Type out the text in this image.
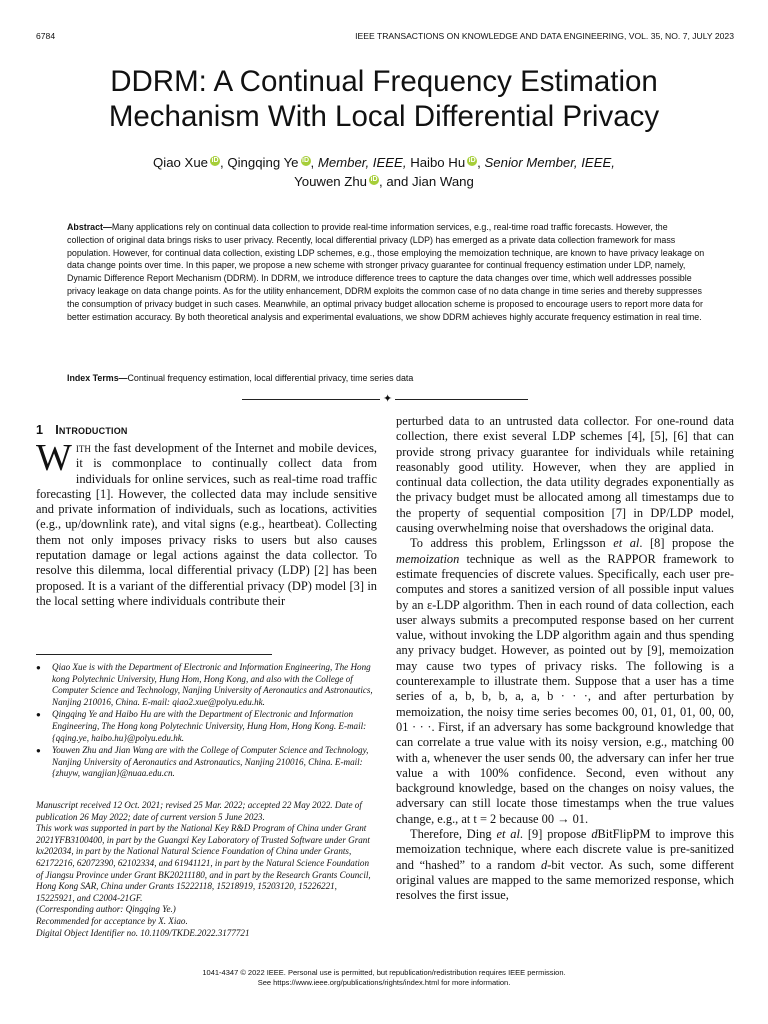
6784	IEEE TRANSACTIONS ON KNOWLEDGE AND DATA ENGINEERING, VOL. 35, NO. 7, JULY 2023
DDRM: A Continual Frequency Estimation
Mechanism With Local Differential Privacy
Qiao Xue iD , Qingqing Ye iD , Member, IEEE, Haibo Hu iD , Senior Member, IEEE,
Youwen Zhu iD , and Jian Wang
Abstract—Many applications rely on continual data collection to provide real-time information services, e.g., real-time road traffic forecasts. However, the collection of original data brings risks to user privacy. Recently, local differential privacy (LDP) has emerged as a private data collection framework for mass population. However, for continual data collection, existing LDP schemes, e.g., those employing the memoization technique, are known to have privacy leakage on data change points over time. In this paper, we propose a new scheme with stronger privacy guarantee for continual frequency estimation under LDP, namely, Dynamic Difference Report Mechanism (DDRM). In DDRM, we introduce difference trees to capture the data changes over time, which well addresses possible privacy leakage on data change points. As for the utility enhancement, DDRM exploits the common case of no data change in time series and thereby suppresses the consumption of privacy budget in such cases. Meanwhile, an optimal privacy budget allocation scheme is proposed to encourage users to report more data for better estimation accuracy. By both theoretical analysis and experimental evaluations, we show DDRM achieves highly accurate frequency estimation in real time.
Index Terms—Continual frequency estimation, local differential privacy, time series data
✦
1 Introduction

With the fast development of the Internet and mobile devices, it is commonplace to continually collect data from individuals for online services, such as real-time road traffic forecasting [1]. However, the collected data may include sensitive and private information of individuals, such as locations, activities (e.g., up/downlink rate), and vital signs (e.g., heartbeat). Collecting them not only imposes privacy risks to users but also causes reputation damage or legal actions against the data collector. To resolve this dilemma, local differential privacy (LDP) [2] has been proposed. It is a variant of the differential privacy (DP) model [3] in the local setting where individuals contribute their

● Qiao Xue is with the Department of Electronic and Information Engineering, The Hong kong Polytechnic University, Hung Hom, Hong Kong, and also with the College of Computer Science and Technology, Nanjing University of Aeronautics and Astronautics, Nanjing 210016, China. E-mail: qiao2.xue@polyu.edu.hk.
● Qingqing Ye and Haibo Hu are with the Department of Electronic and Information Engineering, The Hong kong Polytechnic University, Hung Hom, Hong Kong. E-mail: {qqing.ye, haibo.hu}@polyu.edu.hk.
● Youwen Zhu and Jian Wang are with the College of Computer Science and Technology, Nanjing University of Aeronautics and Astronautics, Nanjing 210016, China. E-mail: {zhuyw, wangjian}@nuaa.edu.cn.
Manuscript received 12 Oct. 2021; revised 25 Mar. 2022; accepted 22 May 2022. Date of publication 26 May 2022; date of current version 5 June 2023.
This work was supported in part by the National Key R&D Program of China under Grant 2021YFB3100400, in part by the Guangxi Key Laboratory of Trusted Software under Grant kx202034, in part by the National Natural Science Foundation of China under Grants, 62172216, 62072390, 62102334, and 61941121, in part by the Natural Science Foundation of Jiangsu Province under Grant BK20211180, and in part by the Research Grants Council, Hong Kong SAR, China under Grants 15222118, 15218919, 15203120, 15226221, 15225921, and C2004-21GF.
(Corresponding author: Qingqing Ye.)
Recommended for acceptance by X. Xiao.
Digital Object Identifier no. 10.1109/TKDE.2022.3177721

perturbed data to an untrusted data collector. For one-round data collection, there exist several LDP schemes [4], [5], [6] that can provide strong privacy guarantee for individuals while retaining reasonably good utility. However, when they are applied in continual data collection, the data utility degrades exponentially as the privacy budget must be allocated among all timestamps due to the property of sequential composition [7] in DP/LDP model, causing overwhelming noise that overshadows the original data.

To address this problem, Erlingsson et al. [8] propose the memoization technique as well as the RAPPOR framework to estimate frequencies of discrete values. Specifically, each user pre-computes and stores a sanitized version of all possible input values by an ε-LDP algorithm. Then in each round of data collection, each user always submits a precomputed response based on her current value, without invoking the LDP algorithm again and thus spending any privacy budget. However, as pointed out by [9], memoization may cause two types of privacy risks. The following is a counterexample to illustrate them. Suppose that a user has a time series of a, b, b, b, a, a, b · · ·, and after perturbation by memoization, the noisy time series becomes 00, 01, 01, 01, 00, 00, 01 · · ·. First, if an adversary has some background knowledge that can correlate a true value with its noisy version, e.g., matching 00 with a, whenever the user sends 00, the adversary can infer her true value a with 100% confidence. Second, even without any background knowledge, based on the changes on noisy values, the adversary can still locate those timestamps when the true values change, e.g., at t = 2 because 00 → 01.

Therefore, Ding et al. [9] propose dBitFlipPM to improve this memoization technique, where each discrete value is pre-sanitized and “hashed” to a random d-bit vector. As such, some different original values are mapped to the same memorized response, which resolves the first issue,

1041-4347 © 2022 IEEE. Personal use is permitted, but republication/redistribution requires IEEE permission.
See https://www.ieee.org/publications/rights/index.html for more information.
